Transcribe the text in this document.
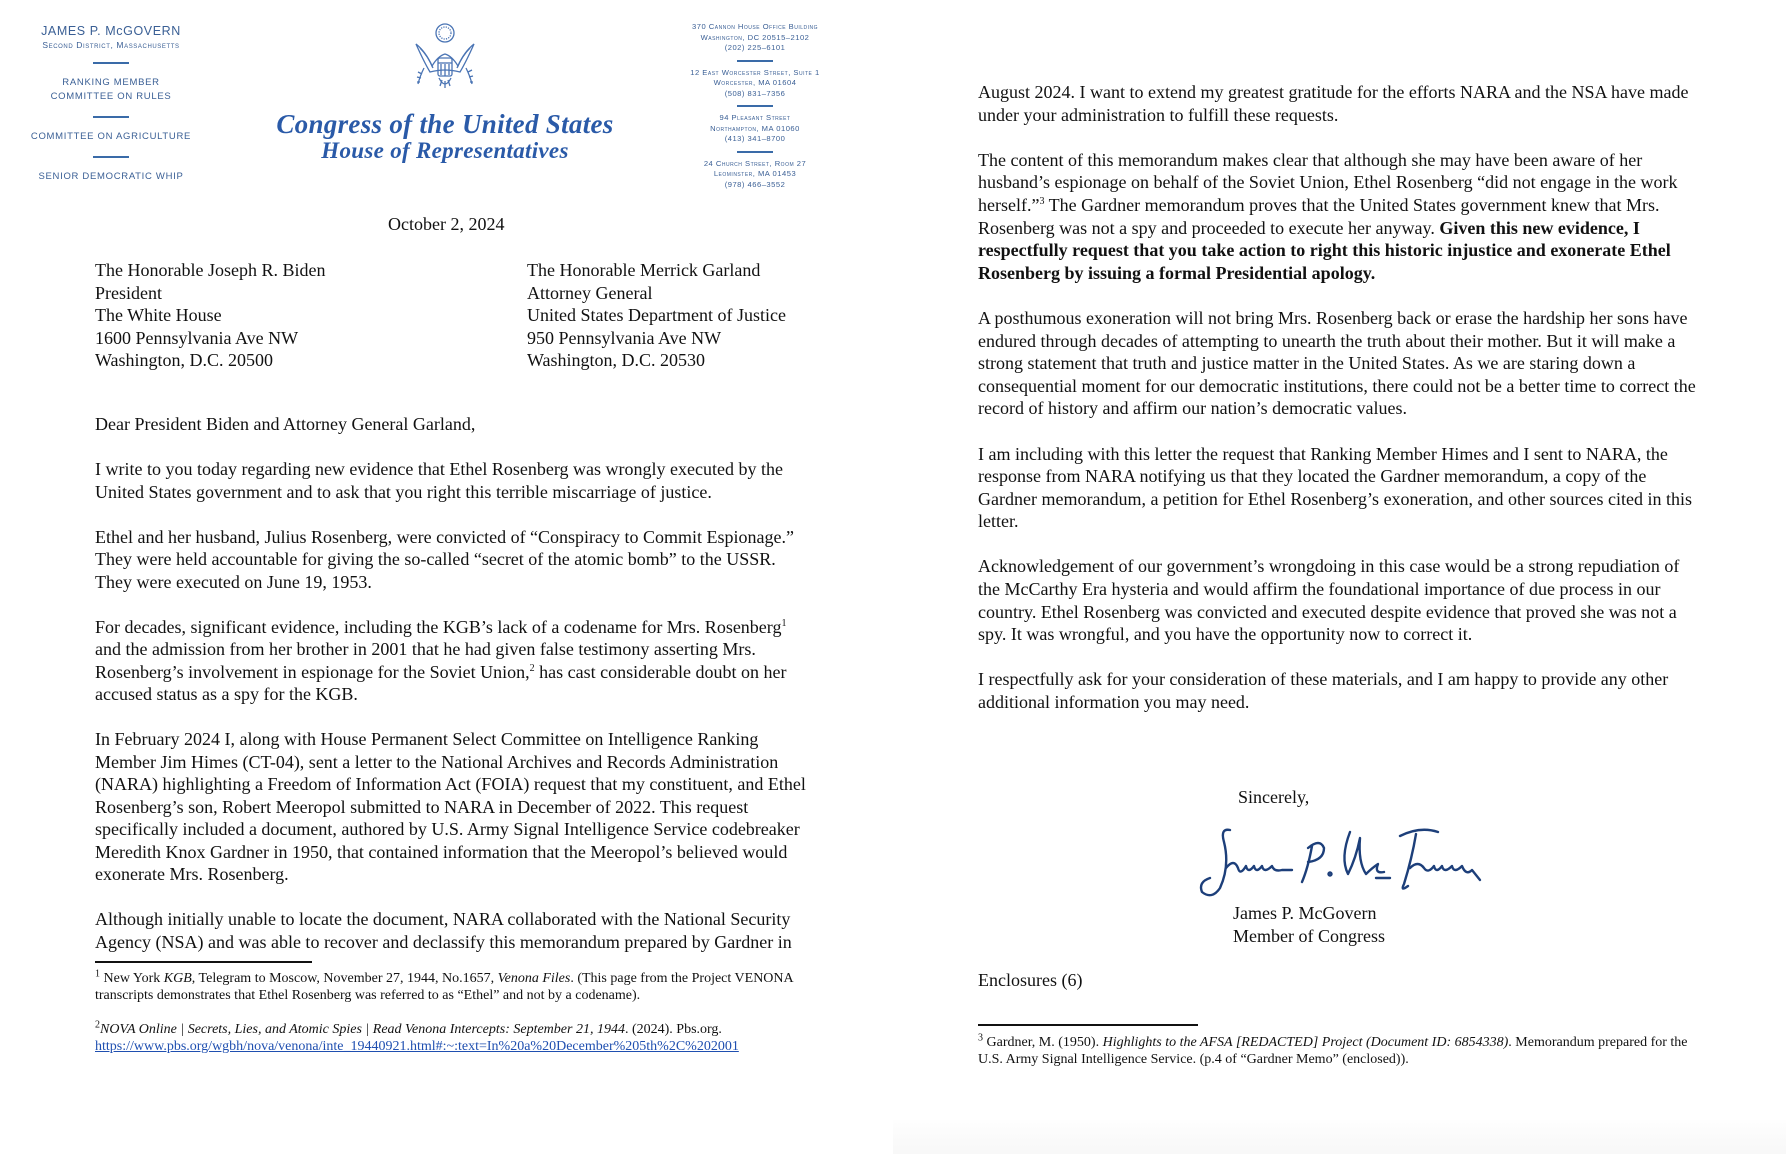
JAMES P. McGOVERN
Second District, Massachusetts
RANKING MEMBER
COMMITTEE ON RULES
COMMITTEE ON AGRICULTURE
SENIOR DEMOCRATIC WHIP
Congress of the United States
House of Representatives
370 Cannon House Office Building
Washington, DC 20515–2102
(202) 225–6101
12 East Worcester Street, Suite 1
Worcester, MA 01604
(508) 831–7356
94 Pleasant Street
Northampton, MA 01060
(413) 341–8700
24 Church Street, Room 27
Leominster, MA 01453
(978) 466–3552
October 2, 2024
The Honorable Joseph R. Biden
President
The White House
1600 Pennsylvania Ave NW
Washington, D.C. 20500
The Honorable Merrick Garland
Attorney General
United States Department of Justice
950 Pennsylvania Ave NW
Washington, D.C. 20530

Dear President Biden and Attorney General Garland,

I write to you today regarding new evidence that Ethel Rosenberg was wrongly executed by the United States government and to ask that you right this terrible miscarriage of justice.

Ethel and her husband, Julius Rosenberg, were convicted of “Conspiracy to Commit Espionage.” They were held accountable for giving the so-called “secret of the atomic bomb” to the USSR. They were executed on June 19, 1953.

For decades, significant evidence, including the KGB’s lack of a codename for Mrs. Rosenberg$^1$ and the admission from her brother in 2001 that he had given false testimony asserting Mrs. Rosenberg’s involvement in espionage for the Soviet Union,$^2$ has cast considerable doubt on her accused status as a spy for the KGB.

In February 2024 I, along with House Permanent Select Committee on Intelligence Ranking Member Jim Himes (CT-04), sent a letter to the National Archives and Records Administration (NARA) highlighting a Freedom of Information Act (FOIA) request that my constituent, and Ethel Rosenberg’s son, Robert Meeropol submitted to NARA in December of 2022. This request specifically included a document, authored by U.S. Army Signal Intelligence Service codebreaker Meredith Knox Gardner in 1950, that contained information that the Meeropol’s believed would exonerate Mrs. Rosenberg.

Although initially unable to locate the document, NARA collaborated with the National Security Agency (NSA) and was able to recover and declassify this memorandum prepared by Gardner in

$^1$ New York KGB, Telegram to Moscow, November 27, 1944, No.1657, Venona Files. (This page from the Project VENONA transcripts demonstrates that Ethel Rosenberg was referred to as “Ethel” and not by a codename).

$^2$NOVA Online | Secrets, Lies, and Atomic Spies | Read Venona Intercepts: September 21, 1944. (2024). Pbs.org.
https://www.pbs.org/wgbh/nova/venona/inte_19440921.html#:~:text=In%20a%20December%205th%2C%202001

August 2024. I want to extend my greatest gratitude for the efforts NARA and the NSA have made under your administration to fulfill these requests.

The content of this memorandum makes clear that although she may have been aware of her husband’s espionage on behalf of the Soviet Union, Ethel Rosenberg “did not engage in the work herself.”$^3$ The Gardner memorandum proves that the United States government knew that Mrs. Rosenberg was not a spy and proceeded to execute her anyway. Given this new evidence, I respectfully request that you take action to right this historic injustice and exonerate Ethel Rosenberg by issuing a formal Presidential apology.

A posthumous exoneration will not bring Mrs. Rosenberg back or erase the hardship her sons have endured through decades of attempting to unearth the truth about their mother. But it will make a strong statement that truth and justice matter in the United States. As we are staring down a consequential moment for our democratic institutions, there could not be a better time to correct the record of history and affirm our nation’s democratic values.

I am including with this letter the request that Ranking Member Himes and I sent to NARA, the response from NARA notifying us that they located the Gardner memorandum, a copy of the Gardner memorandum, a petition for Ethel Rosenberg’s exoneration, and other sources cited in this letter.

Acknowledgement of our government’s wrongdoing in this case would be a strong repudiation of the McCarthy Era hysteria and would affirm the foundational importance of due process in our country. Ethel Rosenberg was convicted and executed despite evidence that proved she was not a spy. It was wrongful, and you have the opportunity now to correct it.

I respectfully ask for your consideration of these materials, and I am happy to provide any other additional information you may need.

Sincerely,
James P. McGovern
Member of Congress
Enclosures (6)

$^3$ Gardner, M. (1950). Highlights to the AFSA [REDACTED] Project (Document ID: 6854338). Memorandum prepared for the U.S. Army Signal Intelligence Service. (p.4 of “Gardner Memo” (enclosed)).
